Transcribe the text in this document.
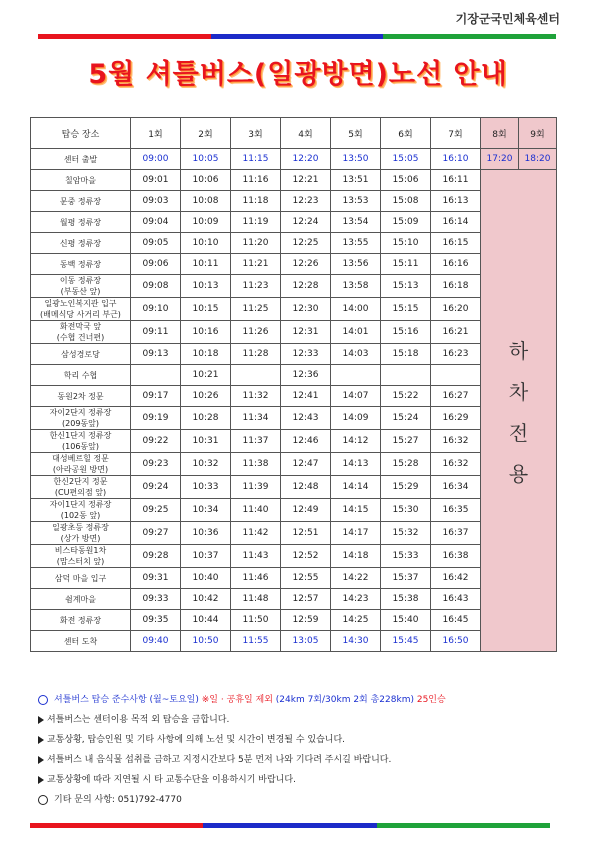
기장군국민체육센터
5월 셔틀버스(일광방면)노선 안내
탑승 장소	1회	2회	3회	4회	5회	6회	7회	8회	9회

센터 출발	09:00	10:05	11:15	12:20	13:50	15:05	16:10	17:20	18:20

칠암마을	09:01	10:06	11:16	12:21	13:51	15:06	16:11	하
차
전
용	

문중 정류장	09:03	10:08	11:18	12:23	13:53	15:08	16:13		

월평 정류장	09:04	10:09	11:19	12:24	13:54	15:09	16:14		

신평 정류장	09:05	10:10	11:20	12:25	13:55	15:10	16:15		

동백 정류장	09:06	10:11	11:21	12:26	13:56	15:11	16:16		

이동 정류장
(부동산 앞)	09:08	10:13	11:23	12:28	13:58	15:13	16:18		

일광노인복지관 입구
(배메식당 사거리 부근)	09:10	10:15	11:25	12:30	14:00	15:15	16:20		

화전막국 앞
(수협 건너편)	09:11	10:16	11:26	12:31	14:01	15:16	16:21		

삼성경로당	09:13	10:18	11:28	12:33	14:03	15:18	16:23		

학리 수협		10:21		12:36					

동원2차 정문	09:17	10:26	11:32	12:41	14:07	15:22	16:27		

자이2단지 정류장
(209동앞)	09:19	10:28	11:34	12:43	14:09	15:24	16:29		

한신1단지 정류장
(106동앞)	09:22	10:31	11:37	12:46	14:12	15:27	16:32		

대성베르힐 정문
(아라공원 방면)	09:23	10:32	11:38	12:47	14:13	15:28	16:32		

한신2단지 정문
(CU편의점 앞)	09:24	10:33	11:39	12:48	14:14	15:29	16:34		

자이1단지 정류장
(102동 앞)	09:25	10:34	11:40	12:49	14:15	15:30	16:35		

일광초등 정류장
(상가 방면)	09:27	10:36	11:42	12:51	14:17	15:32	16:37		

비스타동원1차
(맘스터치 앞)	09:28	10:37	11:43	12:52	14:18	15:33	16:38		

삼덕 마을 입구	09:31	10:40	11:46	12:55	14:22	15:37	16:42		

쉼계마을	09:33	10:42	11:48	12:57	14:23	15:38	16:43		

화전 정류장	09:35	10:44	11:50	12:59	14:25	15:40	16:45		

센터 도착	09:40	10:50	11:55	13:05	14:30	15:45	16:50		
셔틀버스 탑승 준수사항 (월~토요일) ※일 · 공휴일 제외 (24km 7회/30km 2회 총228km) 25인승
셔틀버스는 센터이용 목적 외 탑승을 금합니다.
교통상황, 탑승인원 및 기타 사항에 의해 노선 및 시간이 변경될 수 있습니다.
셔틀버스 내 음식물 섭취를 금하고 지정시간보다 5분 먼저 나와 기다려 주시길 바랍니다.
교통상황에 따라 지연될 시 타 교통수단을 이용하시기 바랍니다.
기타 문의 사항: 051)792-4770
